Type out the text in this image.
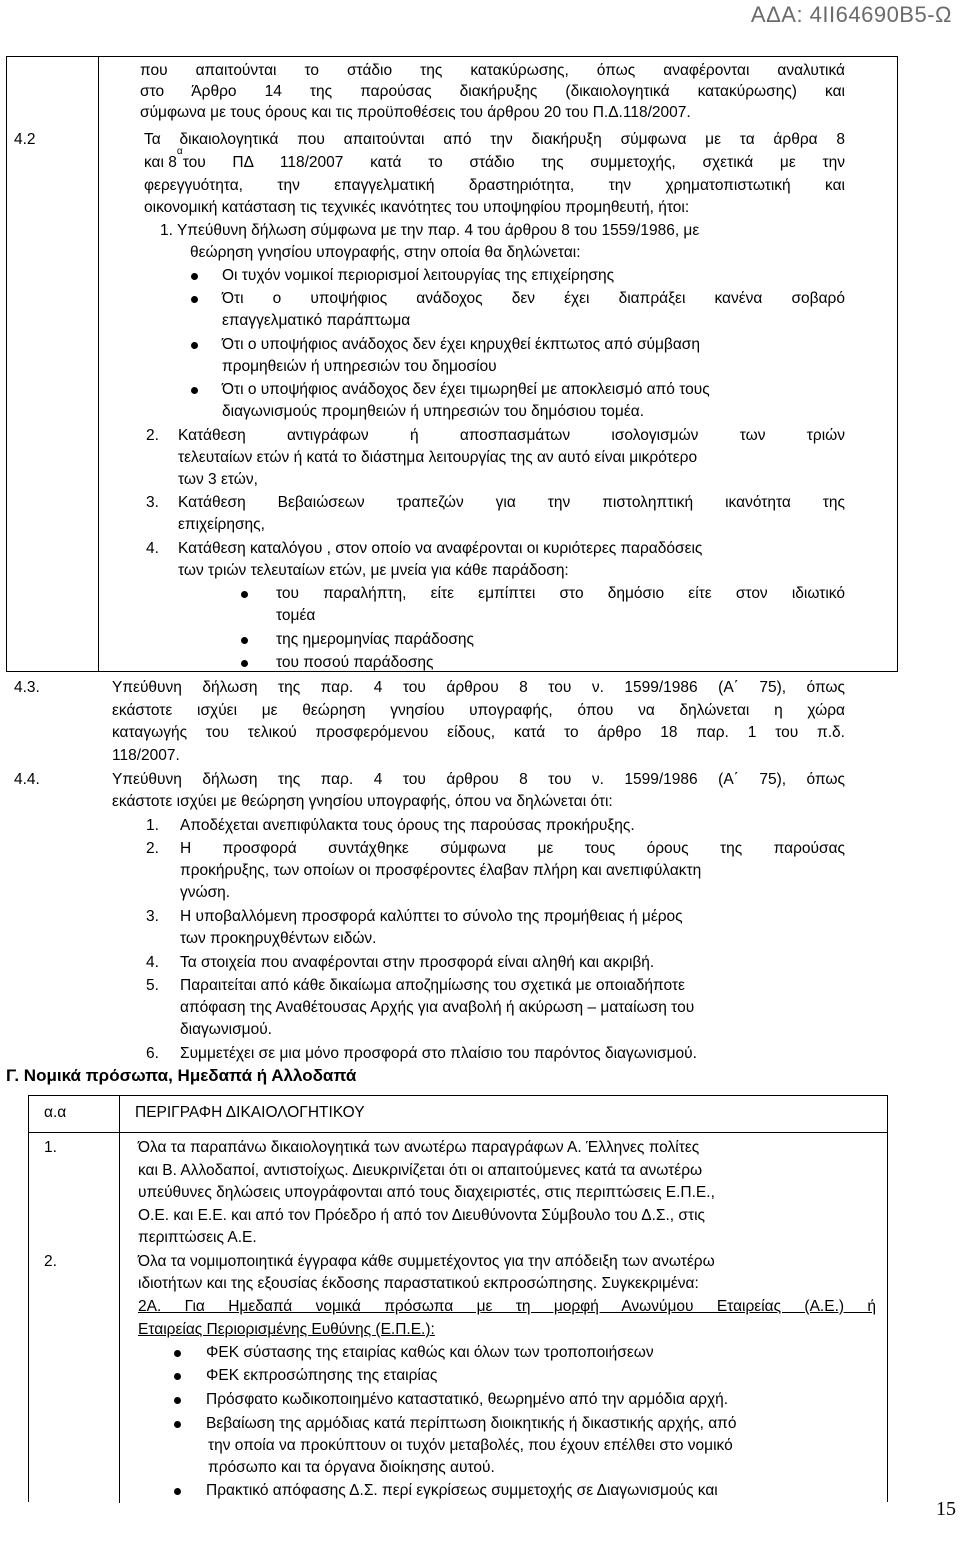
ΑΔΑ: 4ΙΙ64690Β5-Ω
που απαιτούνται το στάδιο της κατακύρωσης, όπως αναφέρονται αναλυτικά
στο Άρθρο 14 της παρούσας διακήρυξης (δικαιολογητικά κατακύρωσης) και
σύμφωνα με τους όρους και τις προϋποθέσεις του άρθρου 20 του Π.Δ.118/2007.
4.2	Τα δικαιολογητικά που απαιτούνται από την διακήρυξη σύμφωνα με τα άρθρα 8
και 8
α
του ΠΔ 118/2007 κατά το στάδιο της συμμετοχής, σχετικά με την
φερεγγυότητα, την επαγγελματική δραστηριότητα, την χρηματοπιστωτική και
οικονομική κατάσταση τις τεχνικές ικανότητες του υποψηφίου προμηθευτή, ήτοι:
1. Υπεύθυνη δήλωση σύμφωνα με την παρ. 4 του άρθρου 8 του 1559/1986, με
θεώρηση γνησίου υπογραφής, στην οποία θα δηλώνεται:
Οι τυχόν νομικοί περιορισμοί λειτουργίας της επιχείρησης
Ότι ο υποψήφιος ανάδοχος δεν έχει διαπράξει κανένα σοβαρό
επαγγελματικό παράπτωμα
Ότι ο υποψήφιος ανάδοχος δεν έχει κηρυχθεί έκπτωτος από σύμβαση
προμηθειών ή υπηρεσιών του δημοσίου
Ότι ο υποψήφιος ανάδοχος δεν έχει τιμωρηθεί με αποκλεισμό από τους
διαγωνισμούς προμηθειών ή υπηρεσιών του δημόσιου τομέα.
2. Κατάθεση αντιγράφων ή αποσπασμάτων ισολογισμών των τριών
τελευταίων ετών ή κατά το διάστημα λειτουργίας της αν αυτό είναι μικρότερο
των 3 ετών,
3. Κατάθεση Βεβαιώσεων τραπεζών για την πιστοληπτική ικανότητα της
επιχείρησης,
4. Κατάθεση καταλόγου , στον οποίο να αναφέρονται οι κυριότερες παραδόσεις
των τριών τελευταίων ετών, με μνεία για κάθε παράδοση:
του παραλήπτη, είτε εμπίπτει στο δημόσιο είτε στον ιδιωτικό
τομέα
της ημερομηνίας παράδοσης
του ποσού παράδοσης
4.3.	Υπεύθυνη δήλωση της παρ. 4 του άρθρου 8 του ν. 1599/1986 (Α΄ 75), όπως
εκάστοτε ισχύει με θεώρηση γνησίου υπογραφής, όπου να δηλώνεται η χώρα
καταγωγής του τελικού προσφερόμενου είδους, κατά το άρθρο 18 παρ. 1 του π.δ.
118/2007.
4.4.	Υπεύθυνη δήλωση της παρ. 4 του άρθρου 8 του ν. 1599/1986 (Α΄ 75), όπως
εκάστοτε ισχύει με θεώρηση γνησίου υπογραφής, όπου να δηλώνεται ότι:
1. Αποδέχεται ανεπιφύλακτα τους όρους της παρούσας προκήρυξης.
2. Η προσφορά συντάχθηκε σύμφωνα με τους όρους της παρούσας
προκήρυξης, των οποίων οι προσφέροντες έλαβαν πλήρη και ανεπιφύλακτη
γνώση.
3. Η υποβαλλόμενη προσφορά καλύπτει το σύνολο της προμήθειας ή μέρος
των προκηρυχθέντων ειδών.
4. Τα στοιχεία που αναφέρονται στην προσφορά είναι αληθή και ακριβή.
5. Παραιτείται από κάθε δικαίωμα αποζημίωσης του σχετικά με οποιαδήποτε
απόφαση της Αναθέτουσας Αρχής για αναβολή ή ακύρωση – ματαίωση του
διαγωνισμού.
6. Συμμετέχει σε μια μόνο προσφορά στο πλαίσιο του παρόντος διαγωνισμού.
Γ. Νομικά πρόσωπα, Ημεδαπά ή Αλλοδαπά
α.α	ΠΕΡΙΓΡΑΦΗ ΔΙΚΑΙΟΛΟΓΗΤΙΚΟΥ
1.	Όλα τα παραπάνω δικαιολογητικά των ανωτέρω παραγράφων Α. Έλληνες πολίτες
και Β. Αλλοδαποί, αντιστοίχως. Διευκρινίζεται ότι οι απαιτούμενες κατά τα ανωτέρω
υπεύθυνες δηλώσεις υπογράφονται από τους διαχειριστές, στις περιπτώσεις Ε.Π.Ε.,
Ο.Ε. και Ε.Ε. και από τον Πρόεδρο ή από τον Διευθύνοντα Σύμβουλο του Δ.Σ., στις
περιπτώσεις Α.Ε.
2.	Όλα τα νομιμοποιητικά έγγραφα κάθε συμμετέχοντος για την απόδειξη των ανωτέρω
ιδιοτήτων και της εξουσίας έκδοσης παραστατικού εκπροσώπησης. Συγκεκριμένα:
2Α. Για Ημεδαπά νομικά πρόσωπα με τη μορφή Ανωνύμου Εταιρείας (Α.Ε.) ή
Εταιρείας Περιορισμένης Ευθύνης (Ε.Π.Ε.):
ΦΕΚ σύστασης της εταιρίας καθώς και όλων των τροποποιήσεων
ΦΕΚ εκπροσώπησης της εταιρίας
Πρόσφατο κωδικοποιημένο καταστατικό, θεωρημένο από την αρμόδια αρχή.
Βεβαίωση της αρμόδιας κατά περίπτωση διοικητικής ή δικαστικής αρχής, από
την οποία να προκύπτουν οι τυχόν μεταβολές, που έχουν επέλθει στο νομικό
πρόσωπο και τα όργανα διοίκησης αυτού.
Πρακτικό απόφασης Δ.Σ. περί εγκρίσεως συμμετοχής σε Διαγωνισμούς και
15
